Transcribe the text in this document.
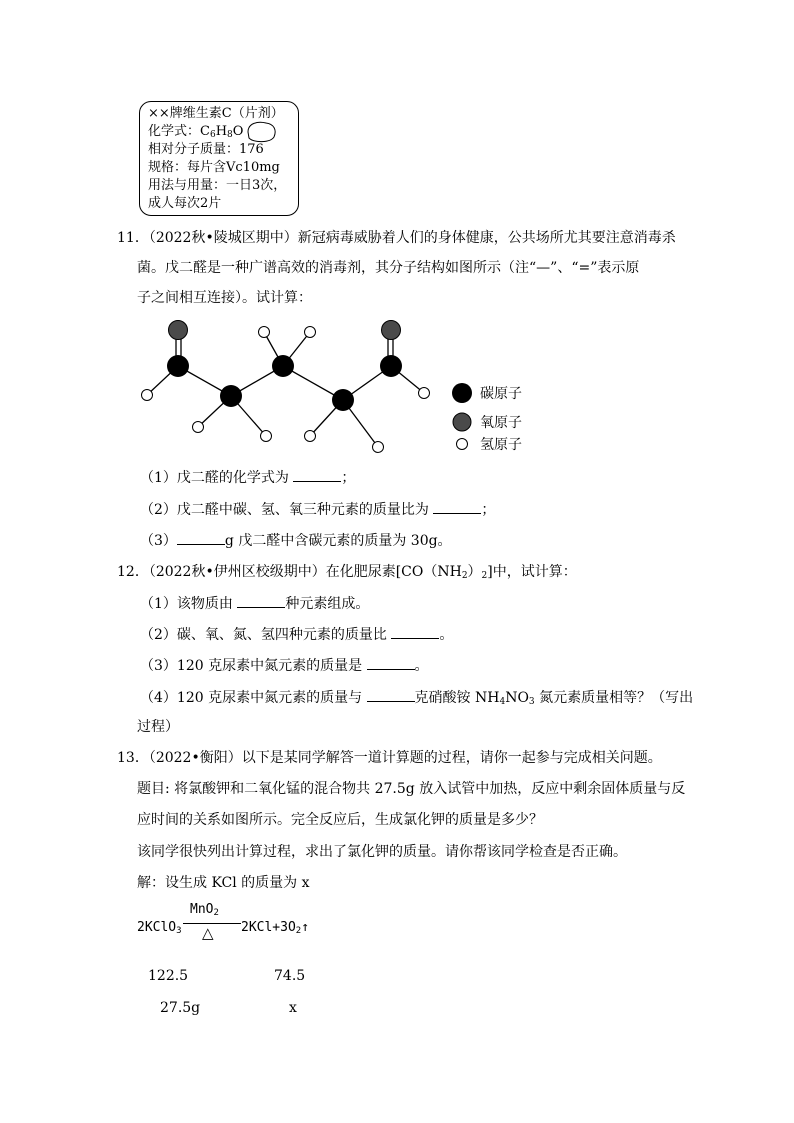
××牌维生素C（片剂）
化学式：$C_6H_8O$
相对分子质量：176
规格：每片含Vc10mg
用法与用量：一日3次，
成人每次2片
11．（2022秋•陵城区期中）新冠病毒威胁着人们的身体健康，公共场所尤其要注意消毒杀
菌。戊二醛是一种广谱高效的消毒剂，其分子结构如图所示（注“—”、“=”表示原
子之间相互连接）。试计算：
碳原子
氧原子
氢原子
（1）戊二醛的化学式为	；
（2）戊二醛中碳、氢、氧三种元素的质量比为	；
（3）	g 戊二醛中含碳元素的质量为 30g。
12．（2022秋•伊州区校级期中）在化肥尿素$[CO(NH_2)_2]$中，试计算：
（1）该物质由	种元素组成。
（2）碳、氧、氮、氢四种元素的质量比	。
（3）120 克尿素中氮元素的质量是	。
（4）120 克尿素中氮元素的质量与	克硝酸铵 $NH_4NO_3$ 氮元素质量相等？（写出
过程）
13．（2022•衡阳）以下是某同学解答一道计算题的过程，请你一起参与完成相关问题。
题目: 将氯酸钾和二氧化锰的混合物共 27.5g 放入试管中加热，反应中剩余固体质量与反
应时间的关系如图所示。完全反应后，生成氯化钾的质量是多少？
该同学很快列出计算过程，求出了氯化钾的质量。请你帮该同学检查是否正确。
解：设生成 KCl 的质量为 x
2KClO$_3$
MnO$_2$
△ $2KCl+3O_2↑$
122.5	74.5
27.5g	x
